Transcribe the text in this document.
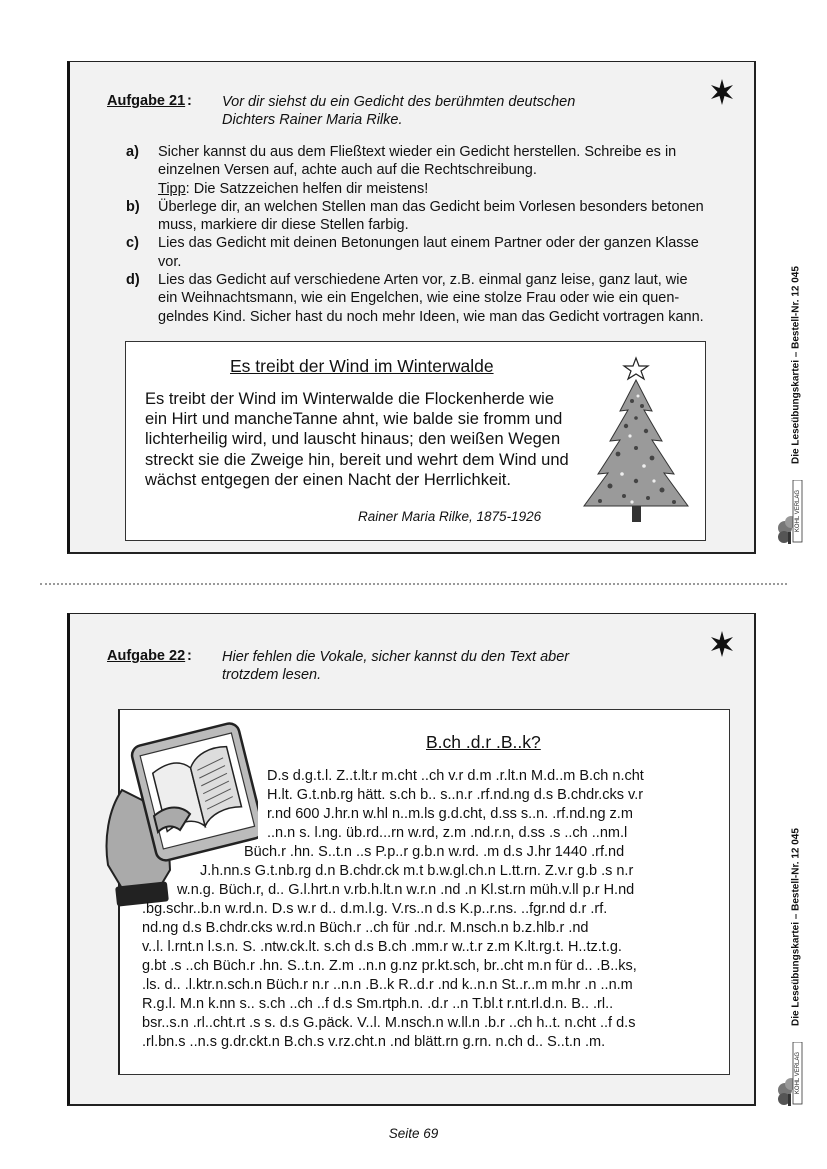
Aufgabe 21 : Vor dir siehst du ein Gedicht des berühmten deutschen
Dichters Rainer Maria Rilke.
a) Sicher kannst du aus dem Fließtext wieder ein Gedicht herstellen. Schreibe es in
einzelnen Versen auf, achte auch auf die Rechtschreibung.
Tipp: Die Satzzeichen helfen dir meistens!
b) Überlege dir, an welchen Stellen man das Gedicht beim Vorlesen besonders betonen
muss, markiere dir diese Stellen farbig.
c) Lies das Gedicht mit deinen Betonungen laut einem Partner oder der ganzen Klasse
vor.
d) Lies das Gedicht auf verschiedene Arten vor, z.B. einmal ganz leise, ganz laut, wie
ein Weihnachtsmann, wie ein Engelchen, wie eine stolze Frau oder wie ein quen-
gelndes Kind. Sicher hast du noch mehr Ideen, wie man das Gedicht vortragen kann.
Es treibt der Wind im Winterwalde
Es treibt der Wind im Winterwalde die Flockenherde wie
ein Hirt und mancheTanne ahnt, wie balde sie fromm und
lichterheilig wird, und lauscht hinaus; den weißen Wegen
streckt sie die Zweige hin, bereit und wehrt dem Wind und
wächst entgegen der einen Nacht der Herrlichkeit.
Rainer Maria Rilke, 1875-1926
Aufgabe 22 : Hier fehlen die Vokale, sicher kannst du den Text aber
trotzdem lesen.
B.ch .d.r .B..k?
D.s d.g.t.l. Z..t.lt.r m.cht ..ch v.r d.m .r.lt.n M.d..m B.ch n.cht
H.lt. G.t.nb.rg hätt. s.ch b.. s..n.r .rf.nd.ng d.s B.chdr.cks v.r
r.nd 600 J.hr.n w.hl n..m.ls g.d.cht, d.ss s..n. .rf.nd.ng z.m
..n.n s. l.ng. üb.rd...rn w.rd, z.m .nd.r.n, d.ss .s ..ch ..nm.l
Büch.r .hn. S..t.n ..s P.p..r g.b.n w.rd. .m d.s J.hr 1440 .rf.nd
J.h.nn.s G.t.nb.rg d.n B.chdr.ck m.t b.w.gl.ch.n L.tt.rn. Z.v.r g.b .s n.r
w.n.g. Büch.r, d.. G.l.hrt.n v.rb.h.lt.n w.r.n .nd .n Kl.st.rn müh.v.ll p.r H.nd
.bg.schr..b.n w.rd.n. D.s w.r d.. d.m.l.g. V.rs..n d.s K.p..r.ns. ..fgr.nd d.r .rf.
nd.ng d.s B.chdr.cks w.rd.n Büch.r ..ch für .nd.r. M.nsch.n b.z.hlb.r .nd
v..l. l.rnt.n l.s.n. S. .ntw.ck.lt. s.ch d.s B.ch .mm.r w..t.r z.m K.lt.rg.t. H..tz.t.g.
g.bt .s ..ch Büch.r .hn. S..t.n. Z.m ..n.n g.nz pr.kt.sch, br..cht m.n für d.. .B..ks,
.ls. d.. .l.ktr.n.sch.n Büch.r n.r ..n.n .B..k R..d.r .nd k..n.n St..r..m m.hr .n ..n.m
R.g.l. M.n k.nn s.. s.ch ..ch ..f d.s Sm.rtph.n. .d.r ..n T.bl.t r.nt.rl.d.n. B.. .rl..
bsr..s.n .rl..cht.rt .s s. d.s G.päck. V..l. M.nsch.n w.ll.n .b.r ..ch h..t. n.cht ..f d.s
.rl.bn.s ..n.s g.dr.ckt.n B.ch.s v.rz.cht.n .nd blätt.rn g.rn. n.ch d.. S..t.n .m.
Die Leseübungskartei – Bestell-Nr. 12 045
KOHL VERLAG
Die Leseübungskartei – Bestell-Nr. 12 045
KOHL VERLAG
Seite 69
